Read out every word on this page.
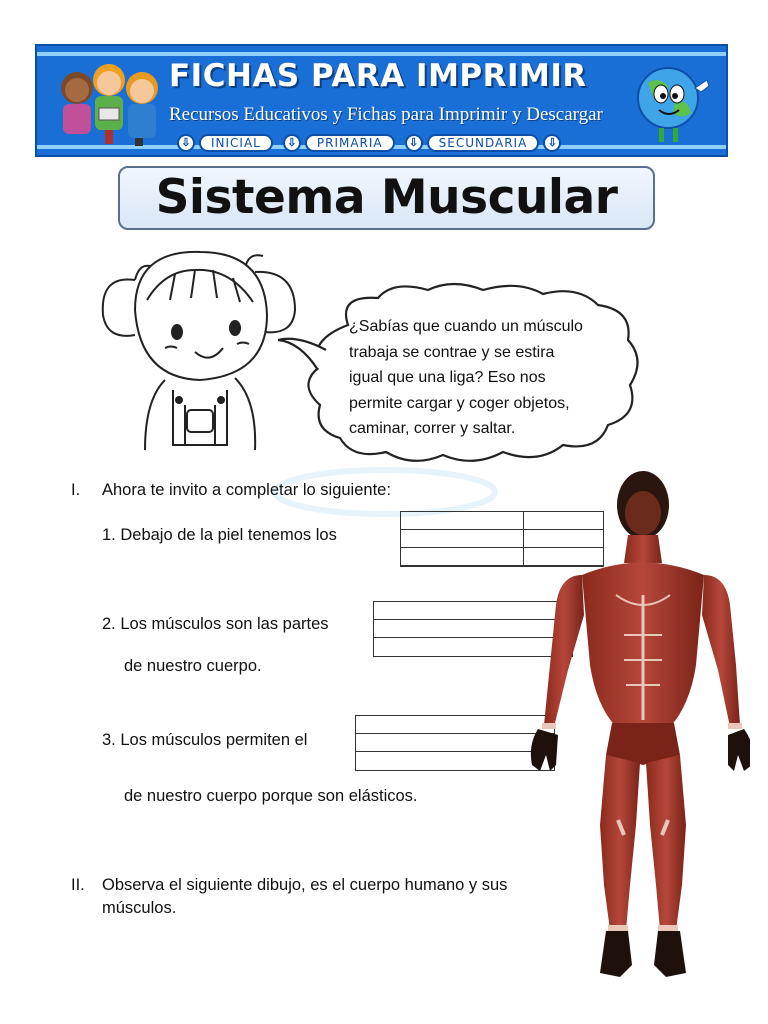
FICHAS PARA IMPRIMIR
Recursos Educativos y Fichas para Imprimir y Descargar
⇩	INICIAL	⇩	PRIMARIA	⇩	SECUNDARIA	⇩
Sistema Muscular
¿Sabías que cuando un músculo
trabaja se contrae y se estira
igual que una liga? Eso nos
permite cargar y coger objetos,
caminar, correr y saltar.
I. Ahora te invito a completar lo siguiente:
1. Debajo de la piel tenemos los
2. Los músculos son las partes
de nuestro cuerpo.
3. Los músculos permiten el
de nuestro cuerpo porque son elásticos.
II. Observa el siguiente dibujo, es el cuerpo humano y sus
músculos.
